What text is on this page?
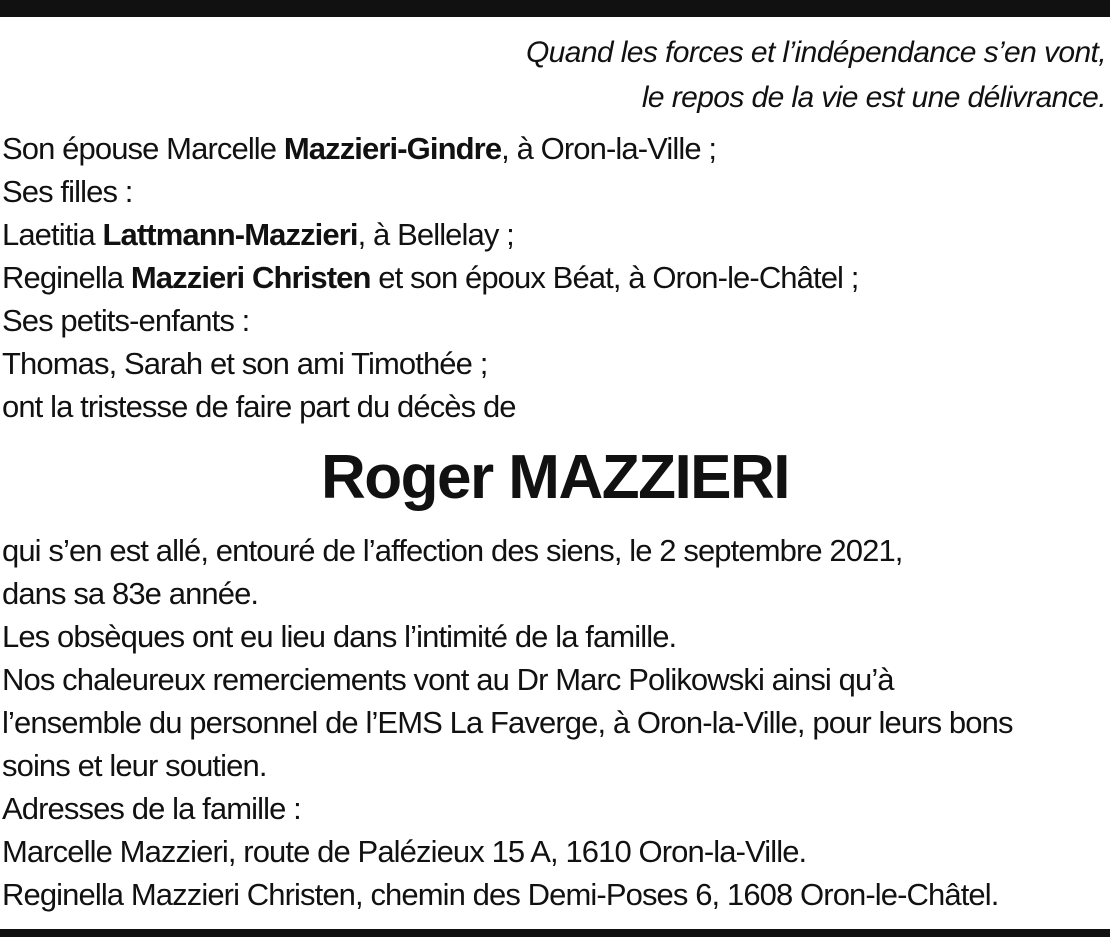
Quand les forces et l’indépendance s’en vont,
le repos de la vie est une délivrance.
Son épouse Marcelle Mazzieri-Gindre, à Oron-la-Ville ;
Ses filles :
Laetitia Lattmann-Mazzieri, à Bellelay ;
Reginella Mazzieri Christen et son époux Béat, à Oron-le-Châtel ;
Ses petits-enfants :
Thomas, Sarah et son ami Timothée ;
ont la tristesse de faire part du décès de
Roger MAZZIERI
qui s’en est allé, entouré de l’affection des siens, le 2 septembre 2021,
dans sa 83e année.
Les obsèques ont eu lieu dans l’intimité de la famille.
Nos chaleureux remerciements vont au Dr Marc Polikowski ainsi qu’à
l’ensemble du personnel de l’EMS La Faverge, à Oron-la-Ville, pour leurs bons
soins et leur soutien.
Adresses de la famille :
Marcelle Mazzieri, route de Palézieux 15 A, 1610 Oron-la-Ville.
Reginella Mazzieri Christen, chemin des Demi-Poses 6, 1608 Oron-le-Châtel.
